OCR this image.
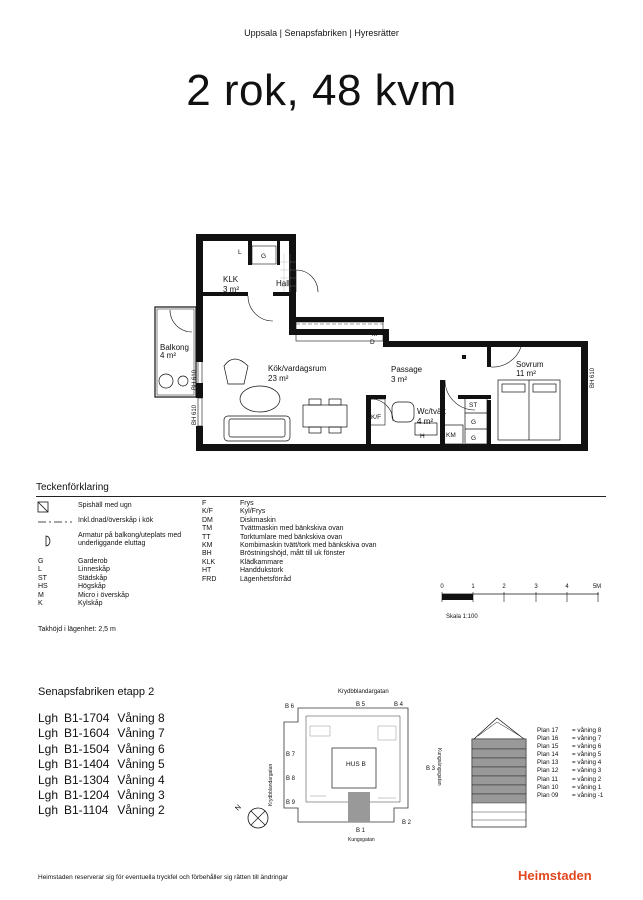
Uppsala | Senapsfabriken | Hyresrätter
2 rok, 48 kvm
KLK
3 m²
Hall
Balkong
4 m²
Kök/vardagsrum
23 m²
Passage
3 m²
Sovrum
11 m²
Wc/tvätt
4 m²
L
G
K/F
D
M
H	KM
ST
G
G
BH 610
BH 610
BH 610
Teckenförklaring
Spishäll med ugn
Inkl.dnad/överskåp i kök
Armatur på balkong/uteplats med underliggande eluttag
G	Garderob
L	Linneskåp
ST	Städskåp
HS	Högskåp
M	Micro i överskåp
K	Kylskåp
F	Frys
K/F	Kyl/Frys
DM	Diskmaskin
TM	Tvättmaskin med bänkskiva ovan
TT	Torktumlare med bänkskiva ovan
KM	Kombimaskin tvätt/tork med bänkskiva ovan
BH	Bröstningshöjd, mått till uk fönster
KLK	Klädkammare
HT	Handdukstork
FRD	Lägenhetsförråd
Takhöjd i lägenhet: 2,5 m
0	1	2	3	4	5M
Skala 1:100
Senapsfabriken etapp 2
Lgh B1-1704 Våning 8
Lgh B1-1604 Våning 7
Lgh B1-1504 Våning 6
Lgh B1-1404 Våning 5
Lgh B1-1304 Våning 4
Lgh B1-1204 Våning 3
Lgh B1-1104 Våning 2
Krydbblandargatan
HUS B
B 5	B 4
B 6
B 7
B 8
B 9
B 3
B 2
B 1
Kungsgatan
Krydbblandargatan	Kungsängsgatan
N
Plan 17 = våning 8
Plan 16 = våning 7
Plan 15 = våning 6
Plan 14 = våning 5
Plan 13 = våning 4
Plan 12 = våning 3
Plan 11 = våning 2
Plan 10 = våning 1
Plan 09 = våning -1
Heimstaden reserverar sig för eventuella tryckfel och förbehåller sig rätten till ändringar	Heimstaden
